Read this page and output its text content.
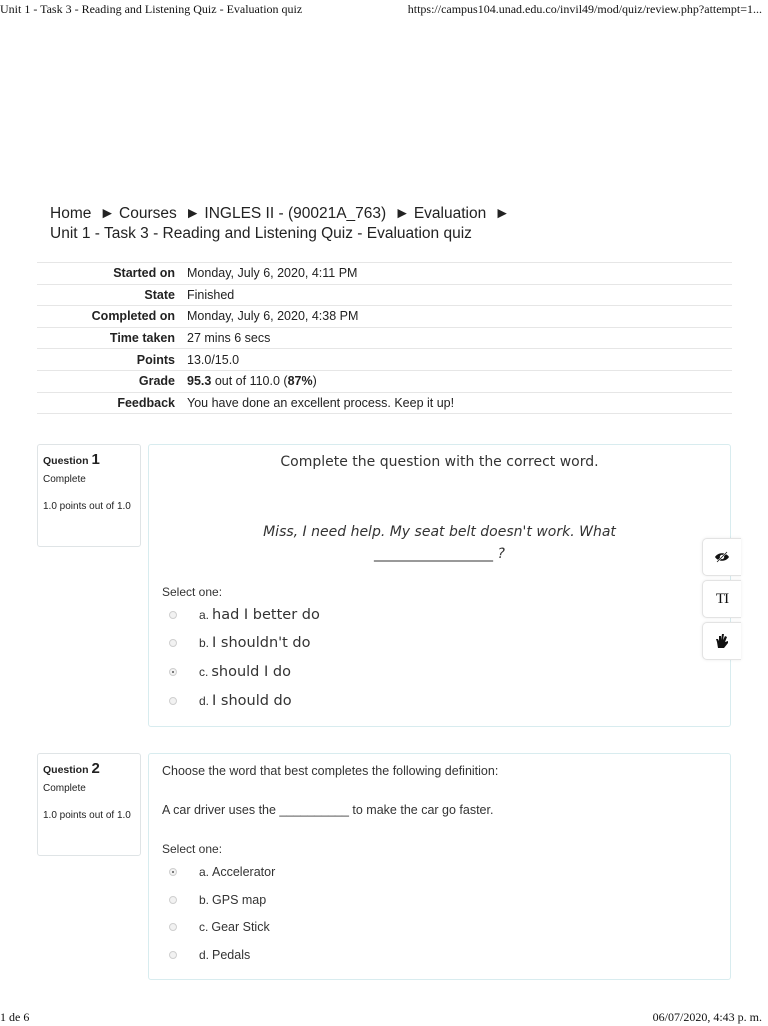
Unit 1 - Task 3 - Reading and Listening Quiz - Evaluation quiz	https://campus104.unad.edu.co/invil49/mod/quiz/review.php?attempt=1...
Home ► Courses ► INGLES II - (90021A_763) ► Evaluation ►
Unit 1 - Task 3 - Reading and Listening Quiz - Evaluation quiz
Started on	Monday, July 6, 2020, 4:11 PM
State	Finished
Completed on	Monday, July 6, 2020, 4:38 PM
Time taken	27 mins 6 secs
Points	13.0/15.0
Grade	95.3 out of 110.0 (87%)
Feedback	You have done an excellent process. Keep it up!
Question 1
Complete
1.0 points out of 1.0
Complete the question with the correct word.
Miss, I need help. My seat belt doesn't work. What
_________________ ?
Select one:
a. had I better do
b. I shouldn't do
c. should I do
d. I should do
TI
Question 2
Complete
1.0 points out of 1.0
Choose the word that best completes the following definition:
A car driver uses the __________ to make the car go faster.
Select one:
a. Accelerator
b. GPS map
c. Gear Stick
d. Pedals
1 de 6	06/07/2020, 4:43 p. m.
